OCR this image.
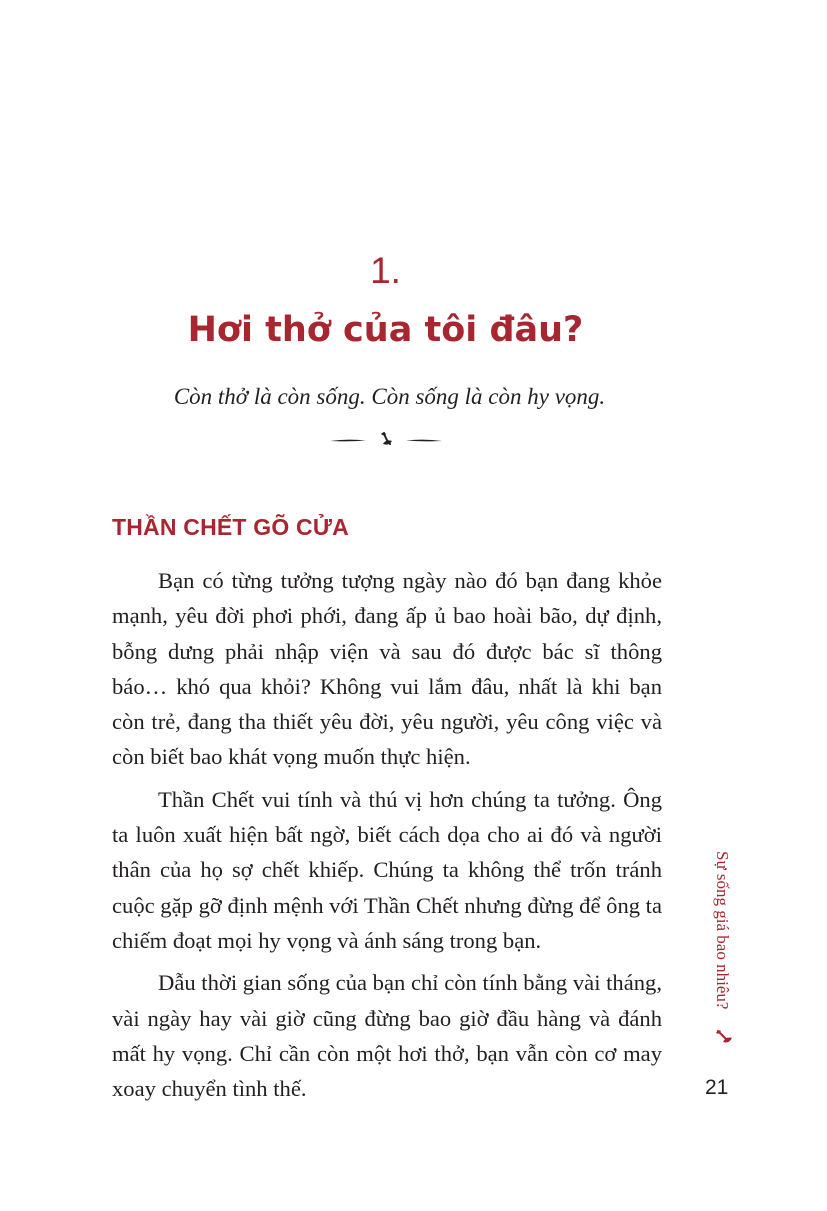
1.
Hơi thở của tôi đâu?
Còn thở là còn sống. Còn sống là còn hy vọng.
THẦN CHẾT GÕ CỬA

Bạn có từng tưởng tượng ngày nào đó bạn đang khỏe mạnh, yêu đời phơi phới, đang ấp ủ bao hoài bão, dự định, bỗng dưng phải nhập viện và sau đó được bác sĩ thông báo… khó qua khỏi? Không vui lắm đâu, nhất là khi bạn còn trẻ, đang tha thiết yêu đời, yêu người, yêu công việc và còn biết bao khát vọng muốn thực hiện.

Thần Chết vui tính và thú vị hơn chúng ta tưởng. Ông ta luôn xuất hiện bất ngờ, biết cách dọa cho ai đó và người thân của họ sợ chết khiếp. Chúng ta không thể trốn tránh cuộc gặp gỡ định mệnh với Thần Chết nhưng đừng để ông ta chiếm đoạt mọi hy vọng và ánh sáng trong bạn.

Dẫu thời gian sống của bạn chỉ còn tính bằng vài tháng, vài ngày hay vài giờ cũng đừng bao giờ đầu hàng và đánh mất hy vọng. Chỉ cần còn một hơi thở, bạn vẫn còn cơ may xoay chuyển tình thế.

Sự sống giá bao nhiêu?
21
